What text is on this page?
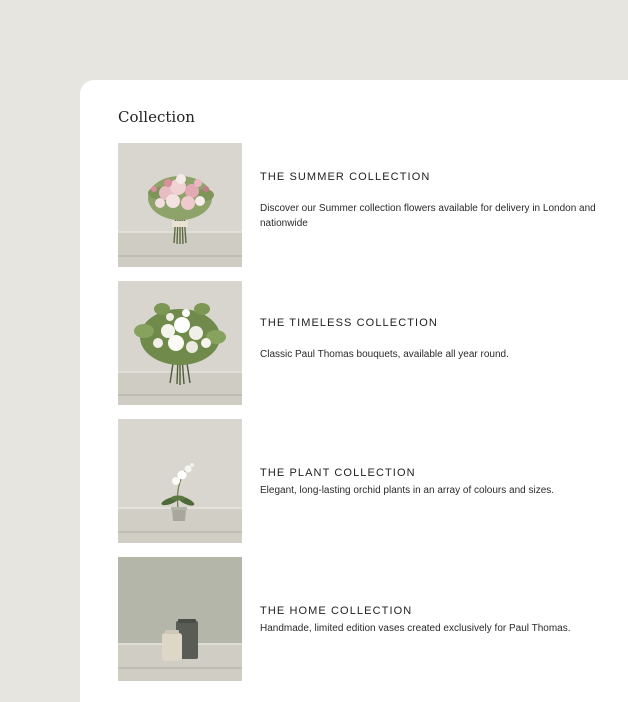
Collection
THE SUMMER COLLECTION
Discover our Summer collection flowers available for delivery in London and nationwide
THE TIMELESS COLLECTION
Classic Paul Thomas bouquets, available all year round.
THE PLANT COLLECTION
Elegant, long-lasting orchid plants in an array of colours and sizes.
THE HOME COLLECTION
Handmade, limited edition vases created exclusively for Paul Thomas.
